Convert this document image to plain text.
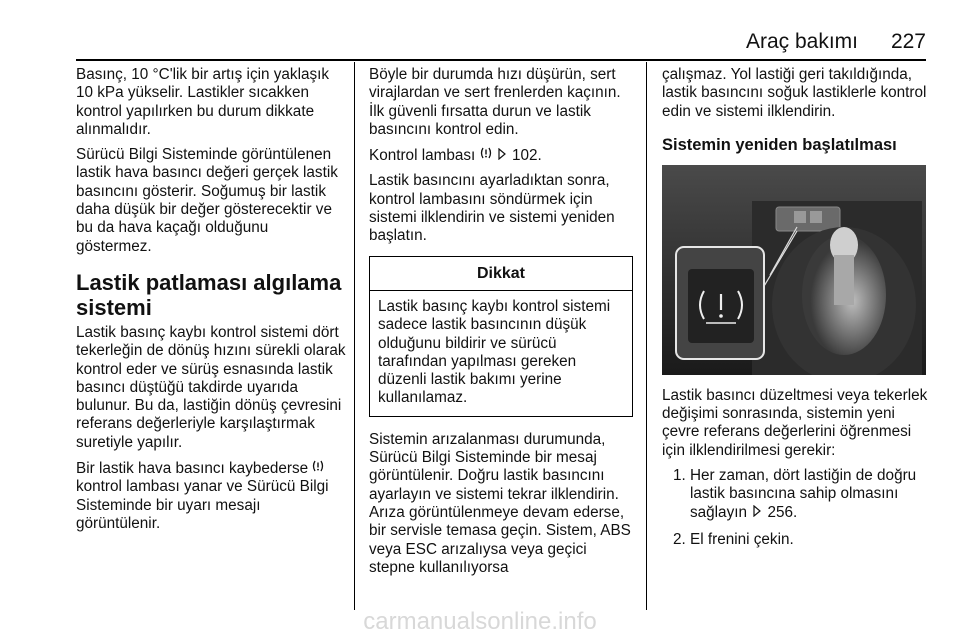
Araç bakımı	227

Basınç, 10 °C'lik bir artış için yaklaşık 10 kPa yükselir. Lastikler sıcakken kontrol yapılırken bu durum dikkate alınmalıdır.

Sürücü Bilgi Sisteminde görüntülenen lastik hava basıncı değeri gerçek lastik basıncını gösterir. Soğumuş bir lastik daha düşük bir değer gösterecektir ve bu da hava kaçağı olduğunu göstermez.

Lastik patlaması algılama sistemi

Lastik basınç kaybı kontrol sistemi dört tekerleğin de dönüş hızını sürekli olarak kontrol eder ve sürüş esnasında lastik basıncı düştüğü takdirde uyarıda bulunur. Bu da, lastiğin dönüş çevresini referans değerleriyle karşılaştırmak suretiyle yapılır.

Bir lastik hava basıncı kaybederse  kontrol lambası yanar ve Sürücü Bilgi Sisteminde bir uyarı mesajı görüntülenir.

Böyle bir durumda hızı düşürün, sert virajlardan ve sert frenlerden kaçının. İlk güvenli fırsatta durun ve lastik basıncını kontrol edin.

Kontrol lambası 102.

Lastik basıncını ayarladıktan sonra, kontrol lambasını söndürmek için sistemi ilklendirin ve sistemi yeniden başlatın.

Dikkat
Lastik basınç kaybı kontrol sistemi sadece lastik basıncının düşük olduğunu bildirir ve sürücü tarafından yapılması gereken düzenli lastik bakımı yerine kullanılamaz.

Sistemin arızalanması durumunda, Sürücü Bilgi Sisteminde bir mesaj görüntülenir. Doğru lastik basıncını ayarlayın ve sistemi tekrar ilklendirin. Arıza görüntülenmeye devam ederse, bir servisle temasa geçin. Sistem, ABS veya ESC arızalıysa veya geçici stepne kullanılıyorsa

çalışmaz. Yol lastiği geri takıldığında, lastik basıncını soğuk lastiklerle kontrol edin ve sistemi ilklendirin.

Sistemin yeniden başlatılması

Lastik basıncı düzeltmesi veya tekerlek değişimi sonrasında, sistemin yeni çevre referans değerlerini öğrenmesi için ilklendirilmesi gerekir:

1. Her zaman, dört lastiğin de doğru lastik basıncına sahip olmasını sağlayın 256.
2. El frenini çekin.
carmanualsonline.info
